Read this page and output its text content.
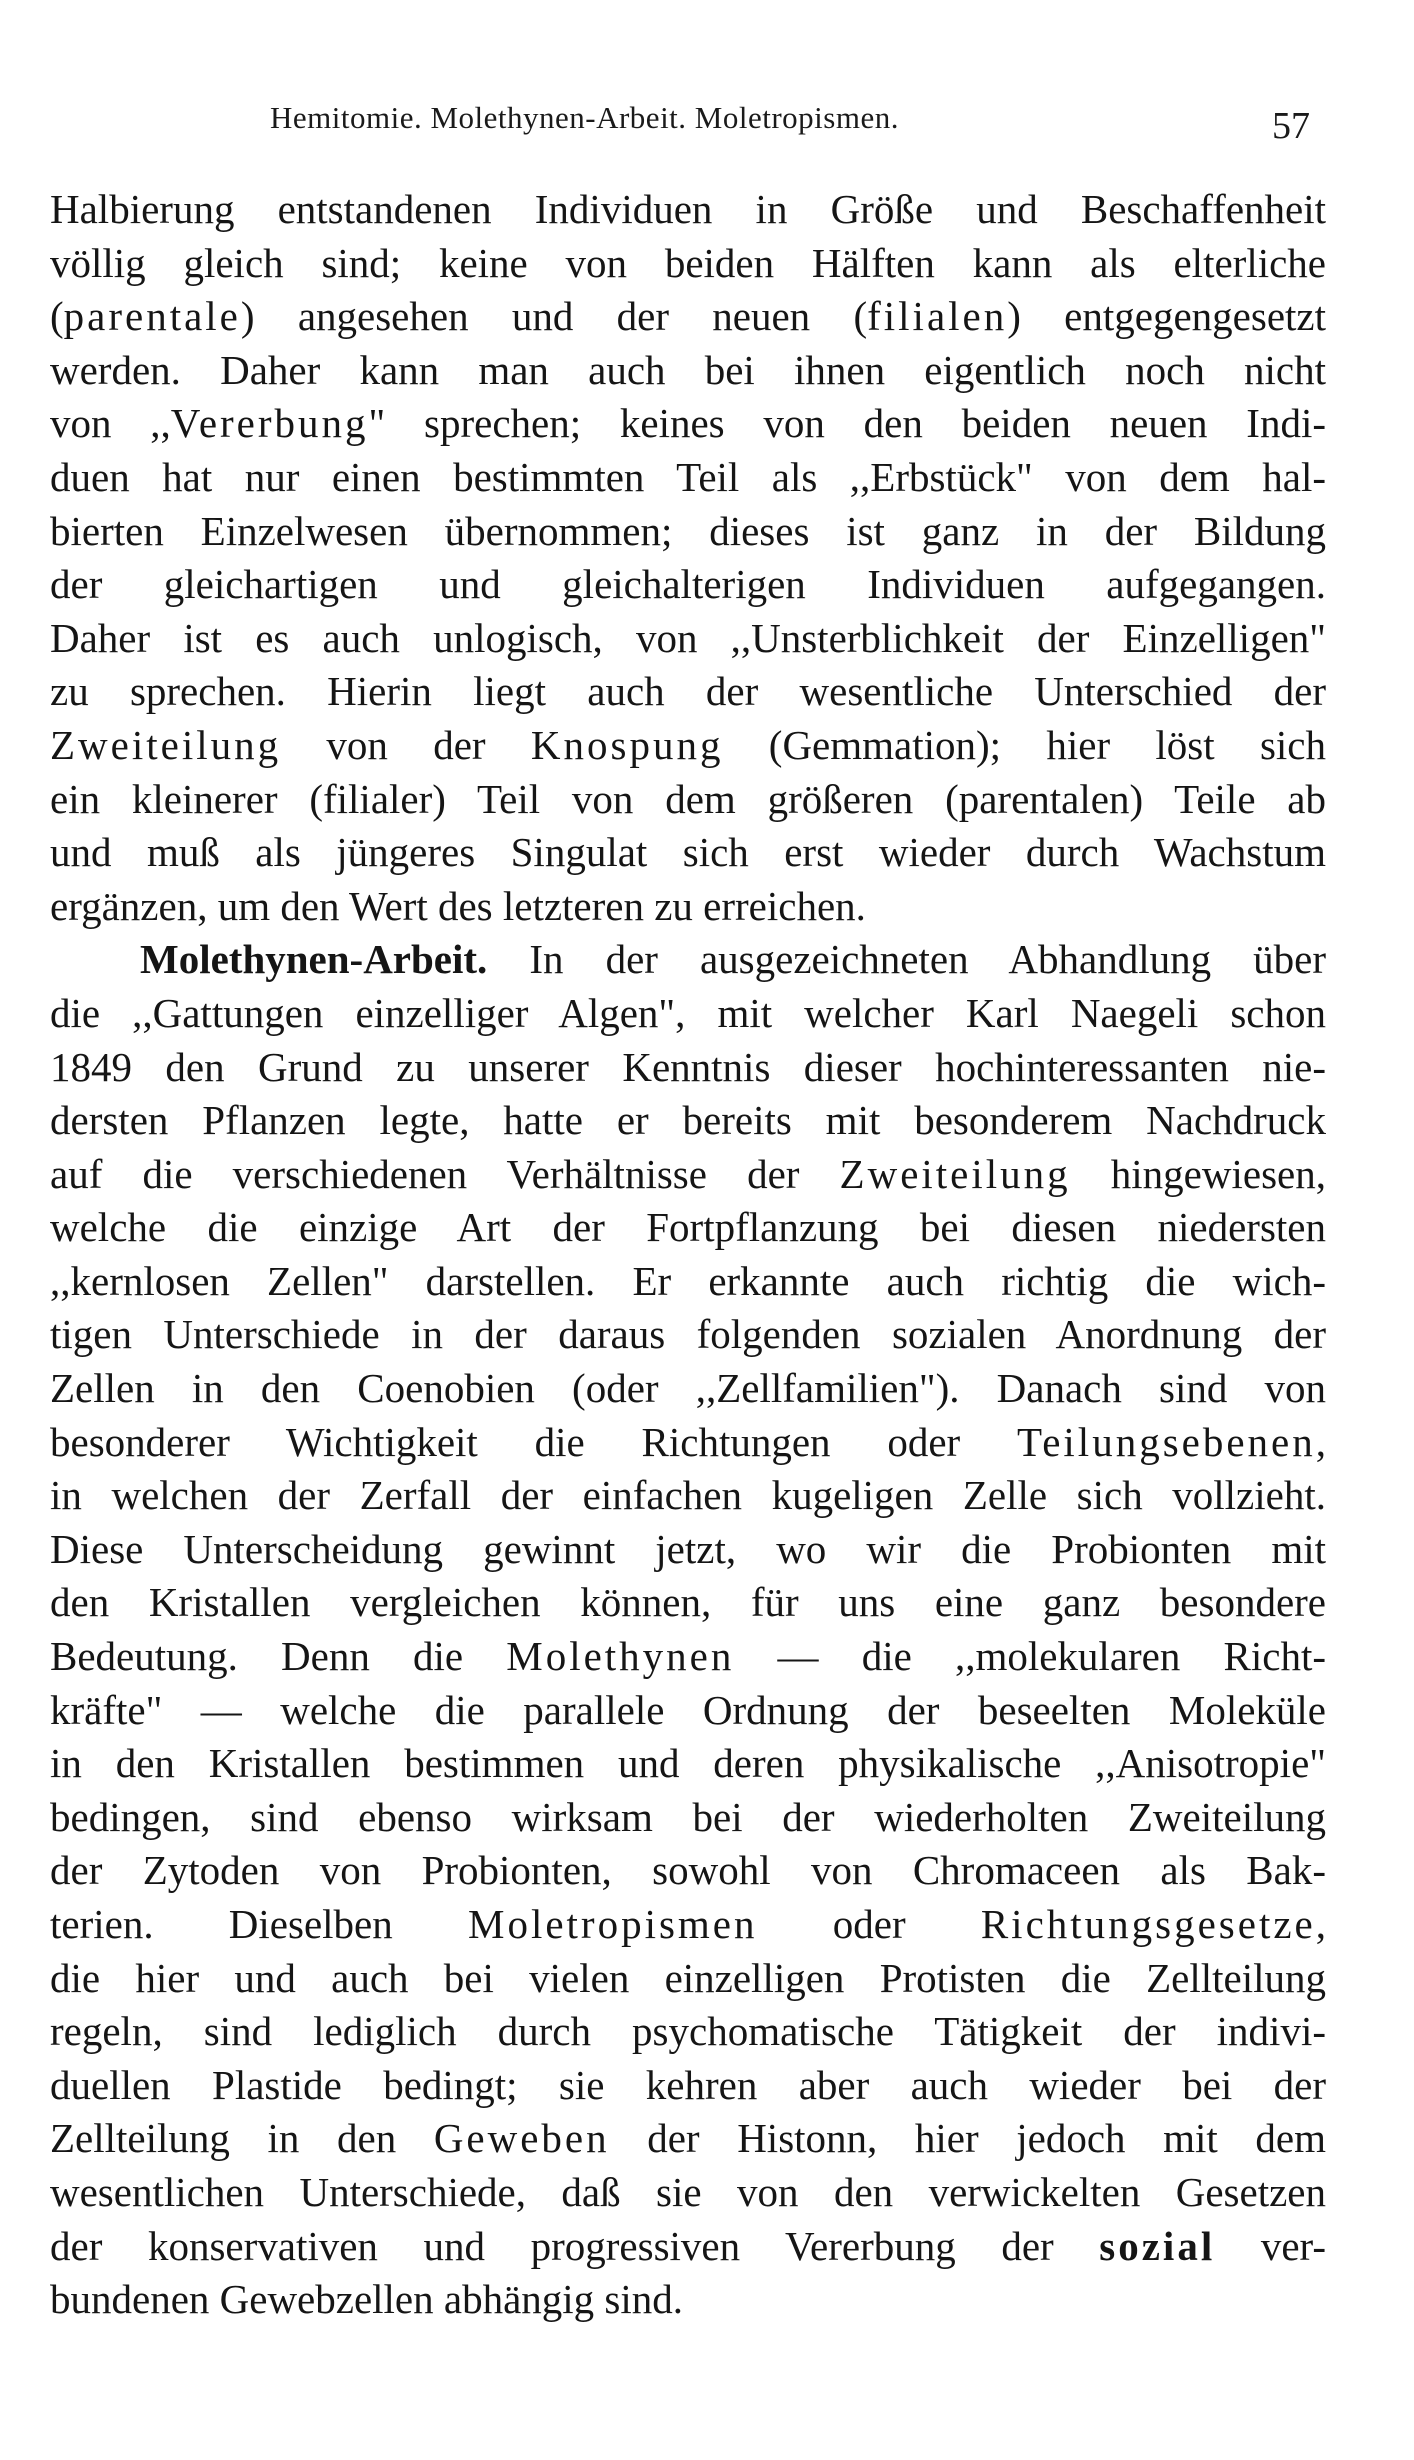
Hemitomie. Molethynen-Arbeit. Moletropismen.	57
Halbierung entstandenen Individuen in Größe und Beschaffenheit
völlig gleich sind; keine von beiden Hälften kann als elterliche
(parentale) angesehen und der neuen (filialen) entgegengesetzt
werden. Daher kann man auch bei ihnen eigentlich noch nicht
von ,,Vererbung" sprechen; keines von den beiden neuen Indi-
duen hat nur einen bestimmten Teil als ,,Erbstück" von dem hal-
bierten Einzelwesen übernommen; dieses ist ganz in der Bildung
der gleichartigen und gleichalterigen Individuen aufgegangen.
Daher ist es auch unlogisch, von ,,Unsterblichkeit der Einzelligen"
zu sprechen. Hierin liegt auch der wesentliche Unterschied der
Zweiteilung von der Knospung (Gemmation); hier löst sich
ein kleinerer (filialer) Teil von dem größeren (parentalen) Teile ab
und muß als jüngeres Singulat sich erst wieder durch Wachstum
ergänzen, um den Wert des letzteren zu erreichen.
Molethynen-Arbeit. In der ausgezeichneten Abhandlung über
die ,,Gattungen einzelliger Algen", mit welcher Karl Naegeli schon
1849 den Grund zu unserer Kenntnis dieser hochinteressanten nie-
dersten Pflanzen legte, hatte er bereits mit besonderem Nachdruck
auf die verschiedenen Verhältnisse der Zweiteilung hingewiesen,
welche die einzige Art der Fortpflanzung bei diesen niedersten
,,kernlosen Zellen" darstellen. Er erkannte auch richtig die wich-
tigen Unterschiede in der daraus folgenden sozialen Anordnung der
Zellen in den Coenobien (oder ,,Zellfamilien"). Danach sind von
besonderer Wichtigkeit die Richtungen oder Teilungsebenen,
in welchen der Zerfall der einfachen kugeligen Zelle sich vollzieht.
Diese Unterscheidung gewinnt jetzt, wo wir die Probionten mit
den Kristallen vergleichen können, für uns eine ganz besondere
Bedeutung. Denn die Molethynen — die ,,molekularen Richt-
kräfte" — welche die parallele Ordnung der beseelten Moleküle
in den Kristallen bestimmen und deren physikalische ,,Anisotropie"
bedingen, sind ebenso wirksam bei der wiederholten Zweiteilung
der Zytoden von Probionten, sowohl von Chromaceen als Bak-
terien. Dieselben Moletropismen oder Richtungsgesetze,
die hier und auch bei vielen einzelligen Protisten die Zellteilung
regeln, sind lediglich durch psychomatische Tätigkeit der indivi-
duellen Plastide bedingt; sie kehren aber auch wieder bei der
Zellteilung in den Geweben der Histonn, hier jedoch mit dem
wesentlichen Unterschiede, daß sie von den verwickelten Gesetzen
der konservativen und progressiven Vererbung der sozial ver-
bundenen Gewebzellen abhängig sind.
